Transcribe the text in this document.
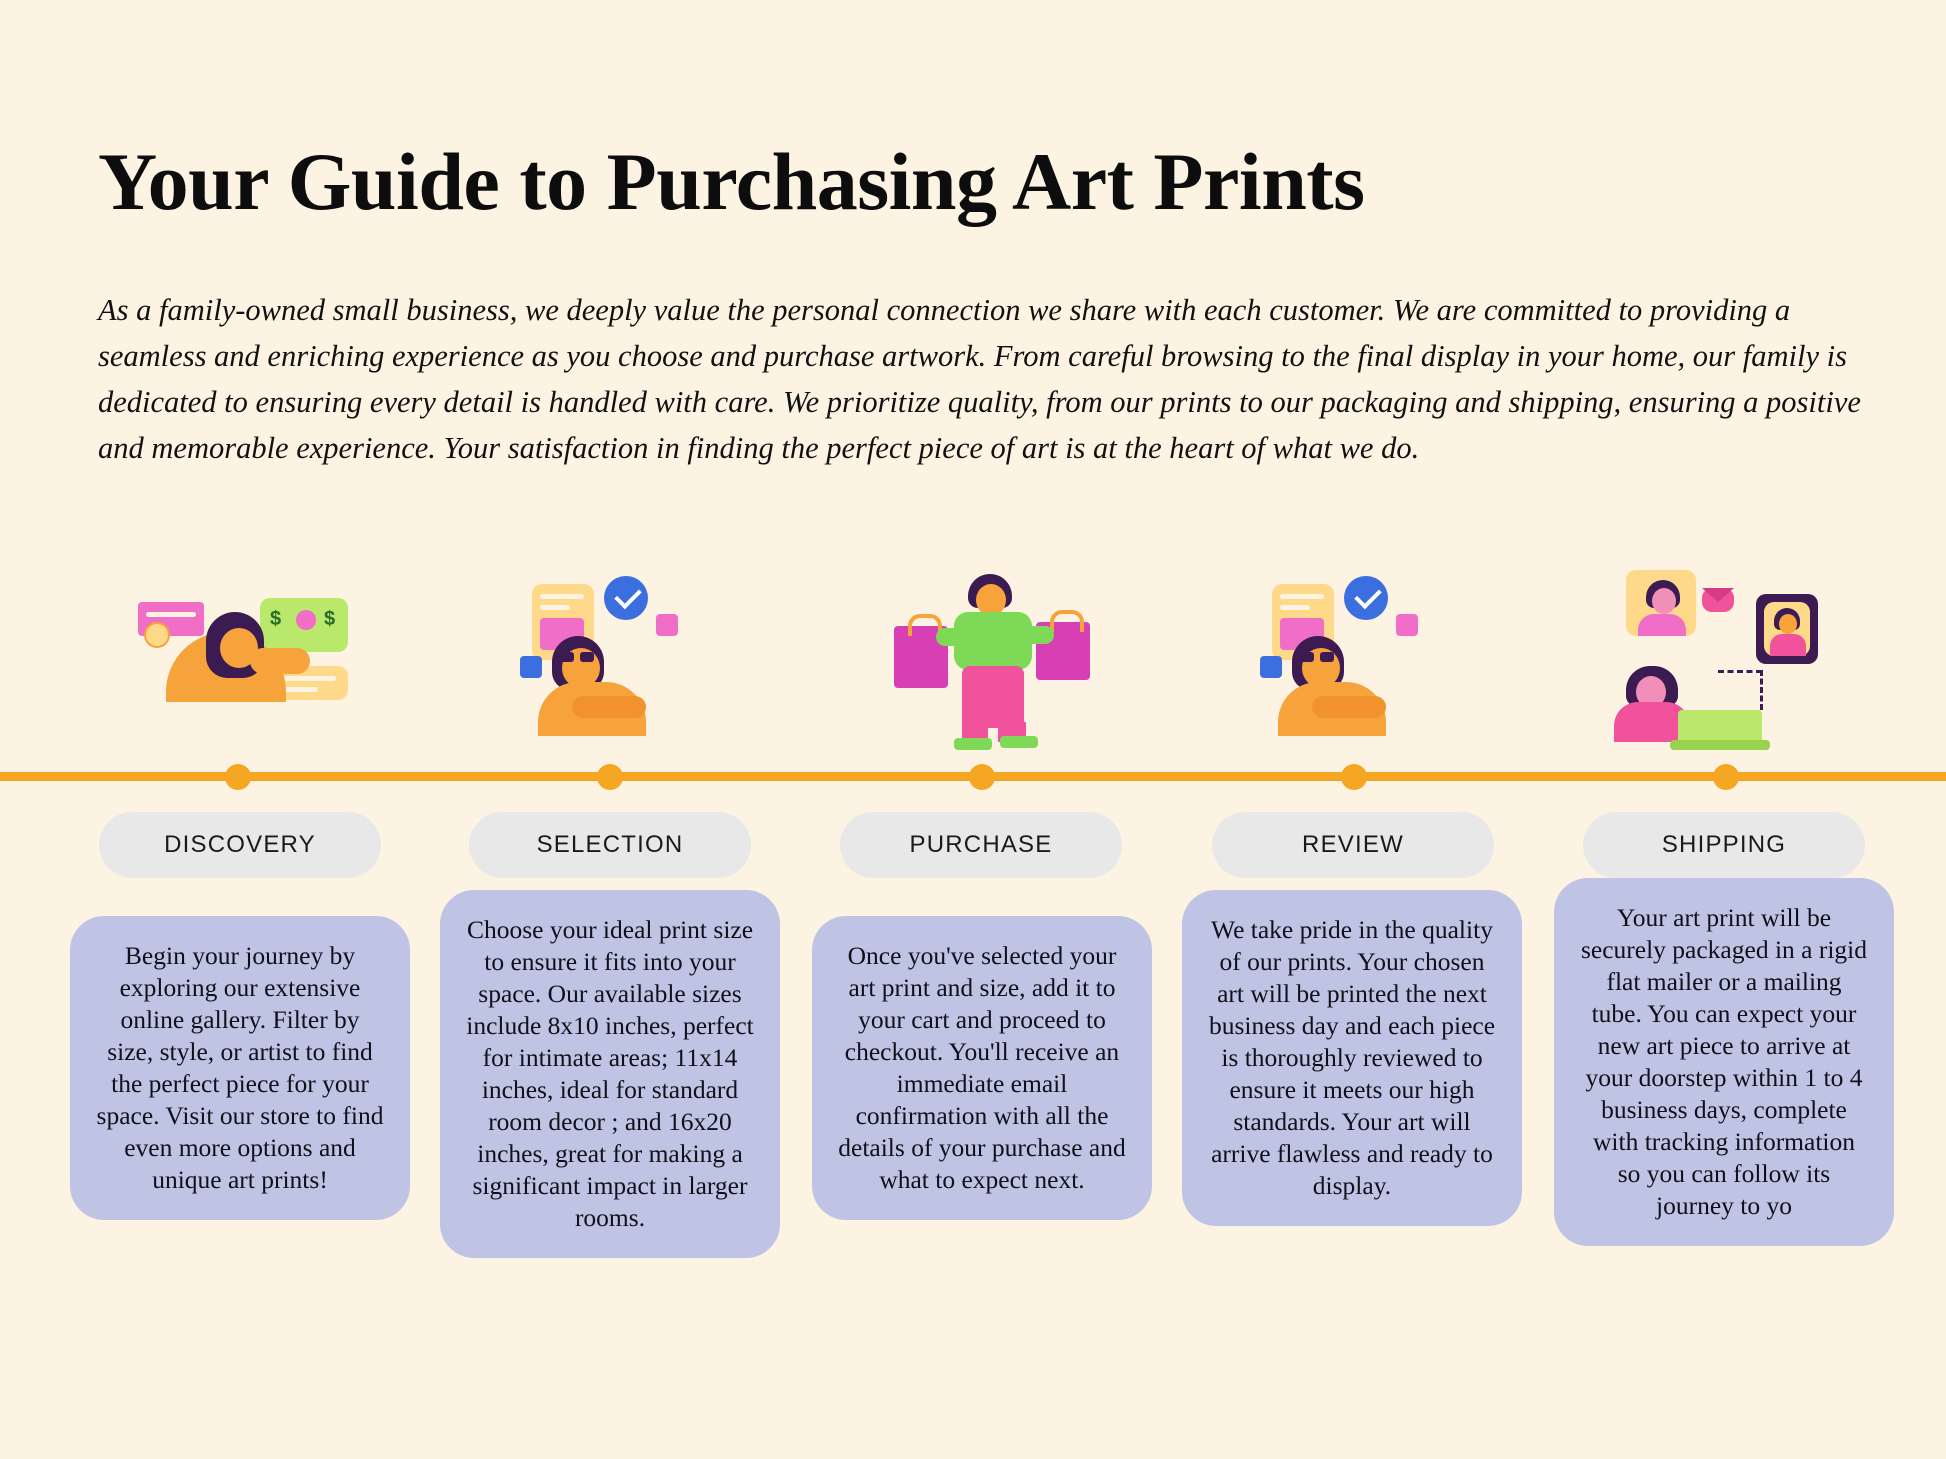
Your Guide to Purchasing Art Prints
As a family-owned small business, we deeply value the personal connection we share with each customer. We are committed to providing a seamless and enriching experience as you choose and purchase artwork. From careful browsing to the final display in your home, our family is dedicated to ensuring every detail is handled with care. We prioritize quality, from our prints to our packaging and shipping, ensuring a positive and memorable experience. Your satisfaction in finding the perfect piece of art is at the heart of what we do.
$ $
DISCOVERY
Begin your journey by exploring our extensive online gallery. Filter by size, style, or artist to find the perfect piece for your space. Visit our store to find even more options and unique art prints!
SELECTION
Choose your ideal print size to ensure it fits into your space. Our available sizes include 8x10 inches, perfect for intimate areas; 11x14 inches, ideal for standard room decor ; and 16x20 inches, great for making a significant impact in larger rooms.
PURCHASE
Once you've selected your art print and size, add it to your cart and proceed to checkout. You'll receive an immediate email confirmation with all the details of your purchase and what to expect next.
REVIEW
We take pride in the quality of our prints. Your chosen art will be printed the next business day and each piece is thoroughly reviewed to ensure it meets our high standards. Your art will arrive flawless and ready to display.
SHIPPING
Your art print will be securely packaged in a rigid flat mailer or a mailing tube. You can expect your new art piece to arrive at your doorstep within 1 to 4 business days, complete with tracking information so you can follow its journey to yo
